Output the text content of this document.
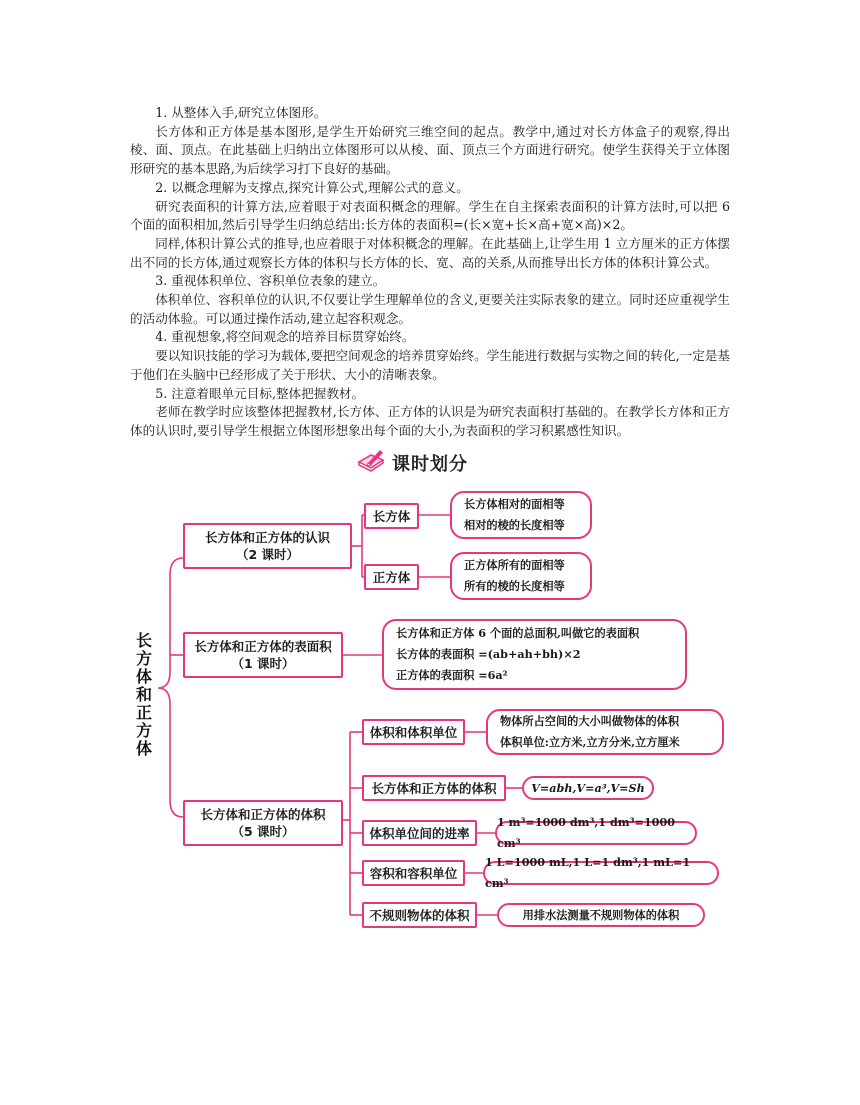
1. 从整体入手,研究立体图形。

长方体和正方体是基本图形,是学生开始研究三维空间的起点。教学中,通过对长方体盒子的观察,得出棱、面、顶点。在此基础上归纳出立体图形可以从棱、面、顶点三个方面进行研究。使学生获得关于立体图形研究的基本思路,为后续学习打下良好的基础。

2. 以概念理解为支撑点,探究计算公式,理解公式的意义。

研究表面积的计算方法,应着眼于对表面积概念的理解。学生在自主探索表面积的计算方法时,可以把 6 个面的面积相加,然后引导学生归纳总结出:长方体的表面积=(长×宽+长×高+宽×高)×2。

同样,体积计算公式的推导,也应着眼于对体积概念的理解。在此基础上,让学生用 1 立方厘米的正方体摆出不同的长方体,通过观察长方体的体积与长方体的长、宽、高的关系,从而推导出长方体的体积计算公式。

3. 重视体积单位、容积单位表象的建立。

体积单位、容积单位的认识,不仅要让学生理解单位的含义,更要关注实际表象的建立。同时还应重视学生的活动体验。可以通过操作活动,建立起容积观念。

4. 重视想象,将空间观念的培养目标贯穿始终。

要以知识技能的学习为载体,要把空间观念的培养贯穿始终。学生能进行数据与实物之间的转化,一定是基于他们在头脑中已经形成了关于形状、大小的清晰表象。

5. 注意着眼单元目标,整体把握教材。

老师在教学时应该整体把握教材,长方体、正方体的认识是为研究表面积打基础的。在教学长方体和正方体的认识时,要引导学生根据立体图形想象出每个面的大小,为表面积的学习积累感性知识。

课时划分
长方体和正方体
长方体和正方体的认识
（2 课时）
长方体
长方体相对的面相等
相对的棱的长度相等
正方体
正方体所有的面相等
所有的棱的长度相等
长方体和正方体的表面积
（1 课时）
长方体和正方体 6 个面的总面积,叫做它的表面积
长方体的表面积 =(ab+ah+bh)×2
正方体的表面积 =6a²
长方体和正方体的体积
（5 课时）
体积和体积单位
物体所占空间的大小叫做物体的体积
体积单位:立方米,立方分米,立方厘米
长方体和正方体的体积	V=abh,V=a³,V=Sh
体积单位间的进率
1 m³=1000 dm³,1 dm³=1000 cm³
容积和容积单位
1 L=1000 mL,1 L=1 dm³,1 mL=1 cm³
不规则物体的体积	用排水法测量不规则物体的体积
